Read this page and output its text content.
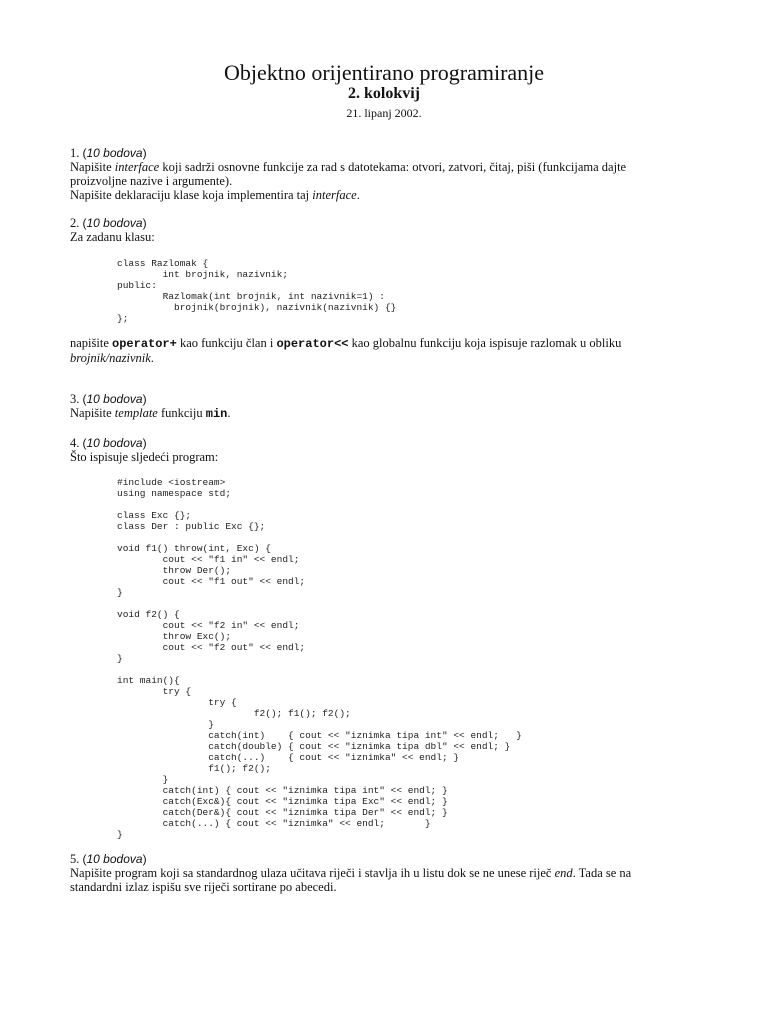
Objektno orijentirano programiranje
2. kolokvij
21. lipanj 2002.
1. (10 bodova)
Napišite interface koji sadrži osnovne funkcije za rad s datotekama: otvori, zatvori, čitaj, piši (funkcijama dajte proizvoljne nazive i argumente).
Napišite deklaraciju klase koja implementira taj interface.
2. (10 bodova)
Za zadanu klasu:
class Razlomak {
int brojnik, nazivnik;
public:
Razlomak(int brojnik, int nazivnik=1) :
brojnik(brojnik), nazivnik(nazivnik) {}
};
napišite operator+ kao funkciju član i operator<< kao globalnu funkciju koja ispisuje razlomak u obliku brojnik/nazivnik.
3. (10 bodova)
Napišite template funkciju min.
4. (10 bodova)
Što ispisuje sljedeći program:
#include <iostream>
using namespace std;

class Exc {};
class Der : public Exc {};

void f1() throw(int, Exc) {
cout << "f1 in" << endl;
throw Der();
cout << "f1 out" << endl;
}

void f2() {
cout << "f2 in" << endl;
throw Exc();
cout << "f2 out" << endl;
}

int main(){
try {
try {
f2(); f1(); f2();
}
catch(int)    { cout << "iznimka tipa int" << endl;   }
catch(double) { cout << "iznimka tipa dbl" << endl; }
catch(...)    { cout << "iznimka" << endl; }
f1(); f2();
}
catch(int) { cout << "iznimka tipa int" << endl; }
catch(Exc&){ cout << "iznimka tipa Exc" << endl; }
catch(Der&){ cout << "iznimka tipa Der" << endl; }
catch(...) { cout << "iznimka" << endl;       }
}
5. (10 bodova)
Napišite program koji sa standardnog ulaza učitava riječi i stavlja ih u listu dok se ne unese riječ end. Tada se na standardni izlaz ispišu sve riječi sortirane po abecedi.
